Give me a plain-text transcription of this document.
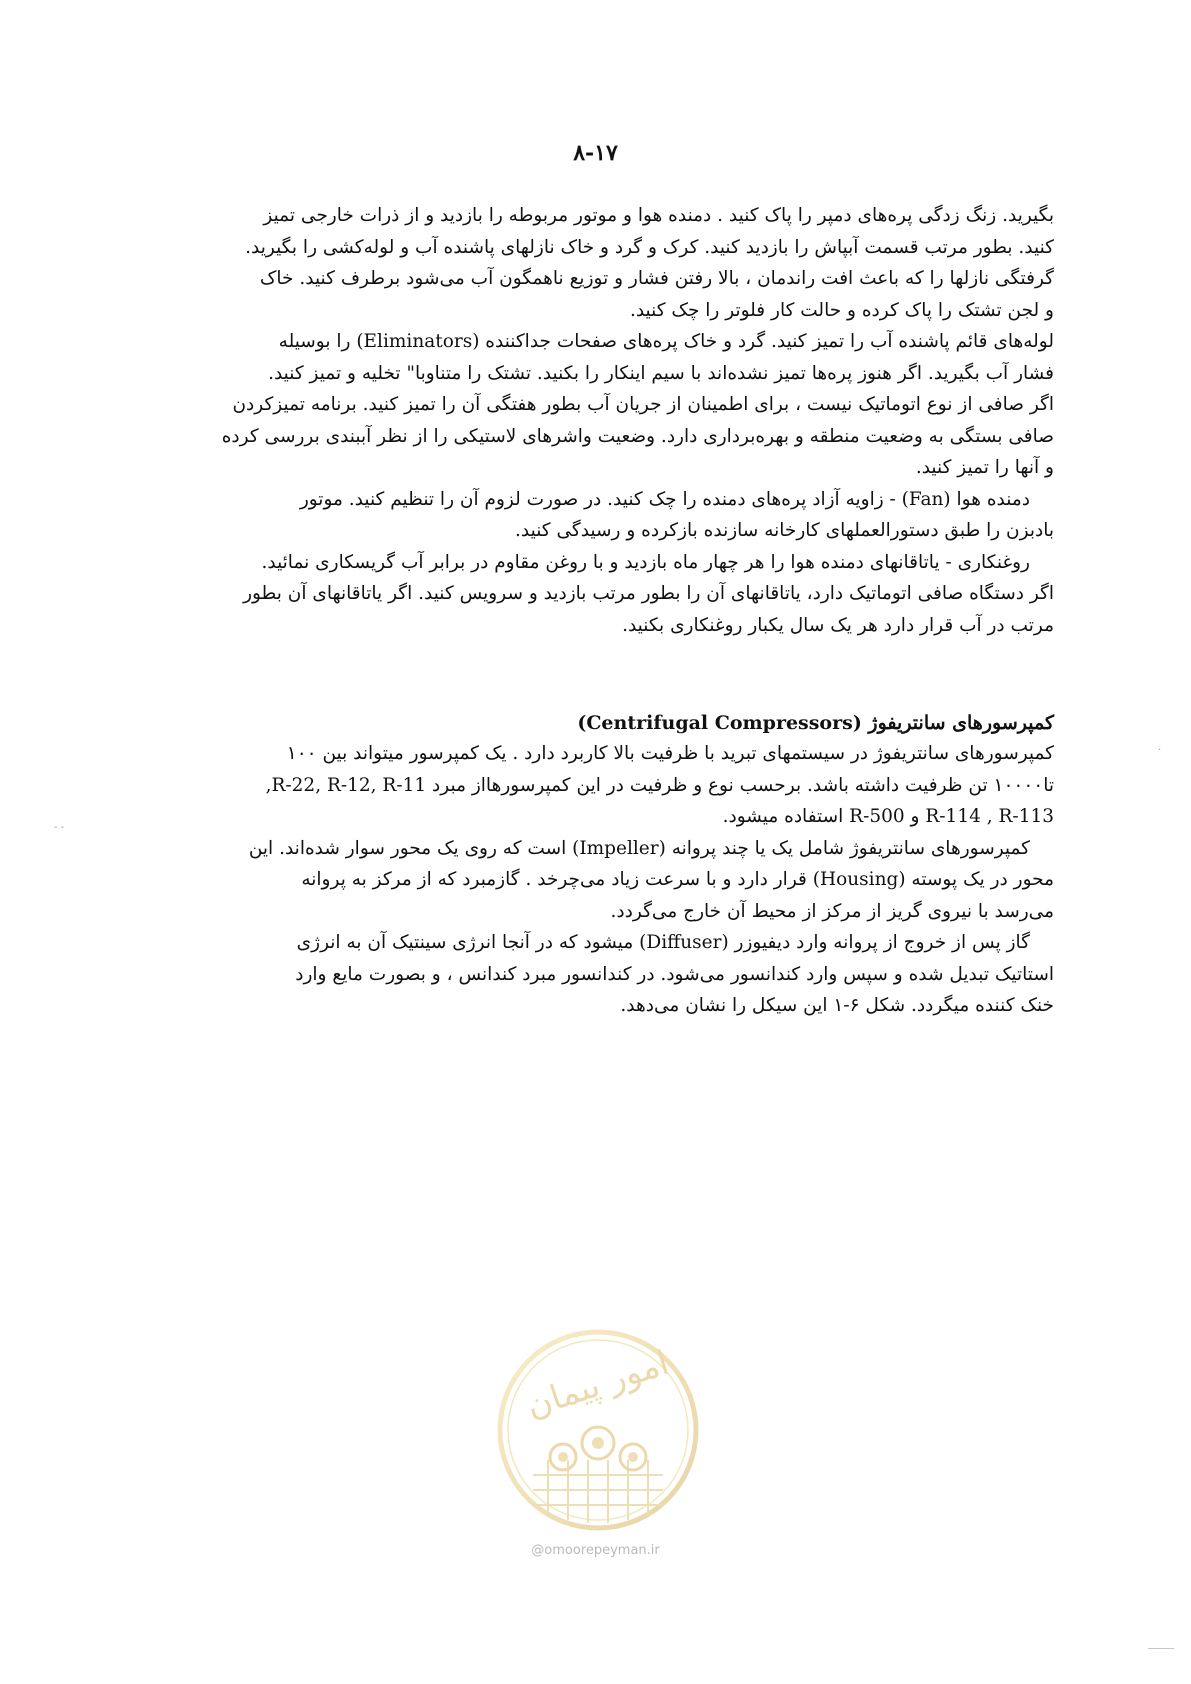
۸-۱۷

بگیرید. زنگ زدگی پره‌های دمپر را پاک کنید . دمنده هوا و موتور مربوطه را بازدید و از ذرات خارجی تمیز

کنید. بطور مرتب قسمت آبپاش را بازدید کنید. کرک و گرد و خاک نازلهای پاشنده آب و لوله‌کشی را بگیرید.

گرفتگی نازلها را که باعث افت راندمان ، بالا رفتن فشار و توزیع ناهمگون آب می‌شود برطرف کنید. خاک

و لجن تشتک را پاک کرده و حالت کار فلوتر را چک کنید.

لوله‌های قائم پاشنده آب را تمیز کنید. گرد و خاک پره‌های صفحات جداکننده (Eliminators) را بوسیله

فشار آب بگیرید. اگر هنوز پره‌ها تمیز نشده‌اند با سیم اینکار را بکنید. تشتک را متناوبا" تخلیه و تمیز کنید.

اگر صافی از نوع اتوماتیک نیست ، برای اطمینان از جریان آب بطور هفتگی آن را تمیز کنید. برنامه تمیزکردن

صافی بستگی به وضعیت منطقه و بهره‌برداری دارد. وضعیت واشرهای لاستیکی را از نظر آببندی بررسی کرده

و آنها را تمیز کنید.

دمنده هوا (Fan) - زاویه آزاد پره‌های دمنده را چک کنید. در صورت لزوم آن را تنظیم کنید. موتور

بادبزن را طبق دستورالعملهای کارخانه سازنده بازکرده و رسیدگی کنید.

روغنکاری - یاتاقانهای دمنده هوا را هر چهار ماه بازدید و با روغن مقاوم در برابر آب گریسکاری نمائید.

اگر دستگاه صافی اتوماتیک دارد، یاتاقانهای آن را بطور مرتب بازدید و سرویس کنید. اگر یاتاقانهای آن بطور

مرتب در آب قرار دارد هر یک سال یکبار روغنکاری بکنید.

کمپرسورهای سانتریفوژ (Centrifugal Compressors)

کمپرسورهای سانتریفوژ در سیستمهای تبرید با ظرفیت بالا کاربرد دارد . یک کمپرسور میتواند بین ۱۰۰

تا۱۰۰۰۰ تن ظرفیت داشته باشد. برحسب نوع و ظرفیت در این کمپرسورهااز مبرد R-22, R-12, R-11,

R-114 , R-113 و R-500 استفاده میشود.

کمپرسورهای سانتریفوژ شامل یک یا چند پروانه (Impeller) است که روی یک محور سوار شده‌اند. این

محور در یک پوسته (Housing) قرار دارد و با سرعت زیاد می‌چرخد . گازمبرد که از مرکز به پروانه

می‌رسد با نیروی گریز از مرکز از محیط آن خارج می‌گردد.

گاز پس از خروج از پروانه وارد دیفیوزر (Diffuser) میشود که در آنجا انرژی سینتیک آن به انرژی

استاتیک تبدیل شده و سپس وارد کندانسور می‌شود. در کندانسور مبرد کندانس ، و بصورت مایع وارد

خنک کننده میگردد. شکل ۶-۱ این سیکل را نشان می‌دهد.

- -
.
امور پیمان
@omoorepeyman.ir
